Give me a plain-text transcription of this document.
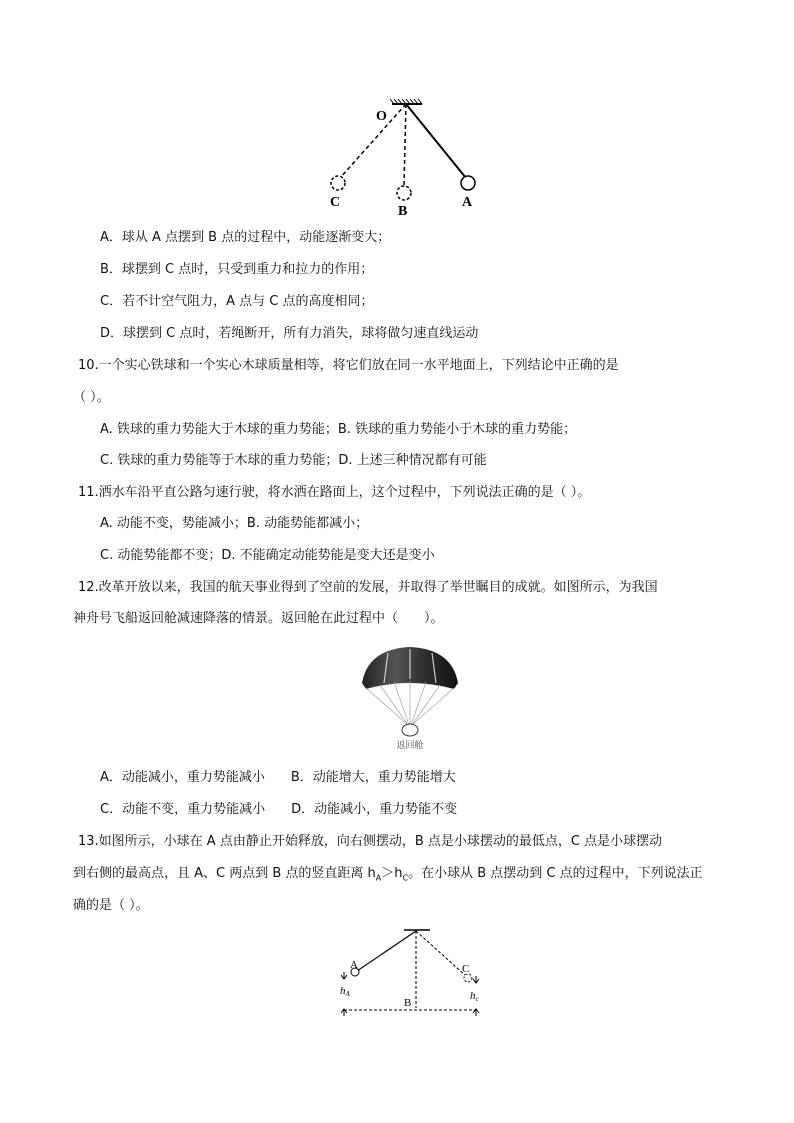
O
C
B
A
A．球从 A 点摆到 B 点的过程中，动能逐渐变大；
B．球摆到 C 点时，只受到重力和拉力的作用；
C．若不计空气阻力，A 点与 C 点的高度相同；
D．球摆到 C 点时，若绳断开，所有力消失，球将做匀速直线运动
10.一个实心铁球和一个实心木球质量相等，将它们放在同一水平地面上，下列结论中正确的是
（ ）。
A. 铁球的重力势能大于木球的重力势能；B. 铁球的重力势能小于木球的重力势能；
C. 铁球的重力势能等于木球的重力势能；D. 上述三种情况都有可能
11.洒水车沿平直公路匀速行驶，将水洒在路面上，这个过程中，下列说法正确的是（ ）。
A. 动能不变，势能减小；B. 动能势能都减小；
C. 动能势能都不变；D. 不能确定动能势能是变大还是变小
12.改革开放以来，我国的航天事业得到了空前的发展，并取得了举世瞩目的成就。如图所示，为我国
神舟号飞船返回舱减速降落的情景。返回舱在此过程中（　　）。
返回舱
A．动能减小，重力势能减小　　B．动能增大，重力势能增大
C．动能不变，重力势能减小　　D．动能减小，重力势能不变
13.如图所示，小球在 A 点由静止开始释放，向右侧摆动，B 点是小球摆动的最低点，C 点是小球摆动
到右侧的最高点，且 A、C 两点到 B 点的竖直距离 $h_A>h_C$。在小球从 B 点摆动到 C 点的过程中，下列说法正
确的是（ ）。
A
B
C
hA	hc
